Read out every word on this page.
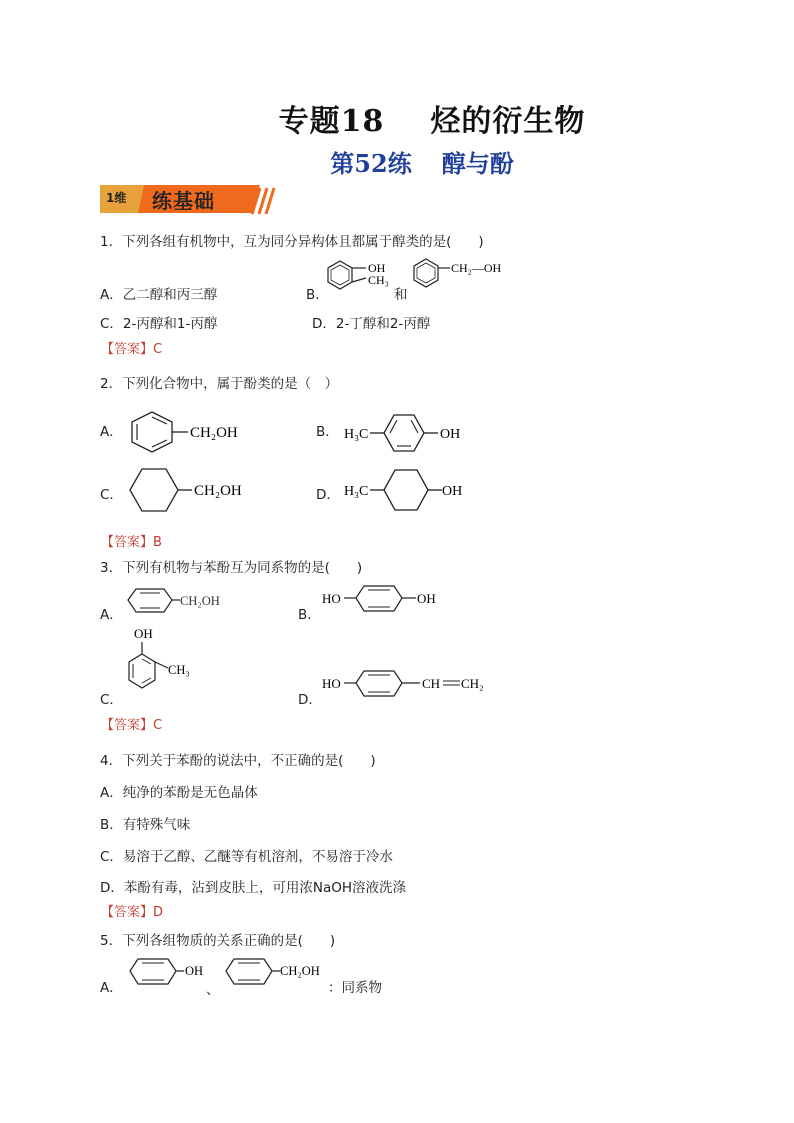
专题18 烃的衍生物
第52练 醇与酚
1维 练基础
1．下列各组有机物中，互为同分异构体且都属于醇类的是(　　)
A．乙二醇和丙三醇	B．
OH
CH₃
和
CH₂—OH
C．2-丙醇和1-丙醇	D．2-丁醇和2-丙醇
【答案】C
2．下列化合物中，属于酚类的是（　）
A．	CH₂OH	B． H₃C	OH
C．	CH₂OH	D． H₃C	OH
【答案】B
3．下列有机物与苯酚互为同系物的是(　　)
A．
CH₂OH
B．
HO	OH
C．
OH
CH₃
D．
HO	CH CH₂
【答案】C
4．下列关于苯酚的说法中，不正确的是(　　)
A．纯净的苯酚是无色晶体
B．有特殊气味
C．易溶于乙醇、乙醚等有机溶剂，不易溶于冷水
D．苯酚有毒，沾到皮肤上，可用浓NaOH溶液洗涤
【答案】D
5．下列各组物质的关系正确的是(　　)
A．
OH
、
CH₂OH
：同系物
